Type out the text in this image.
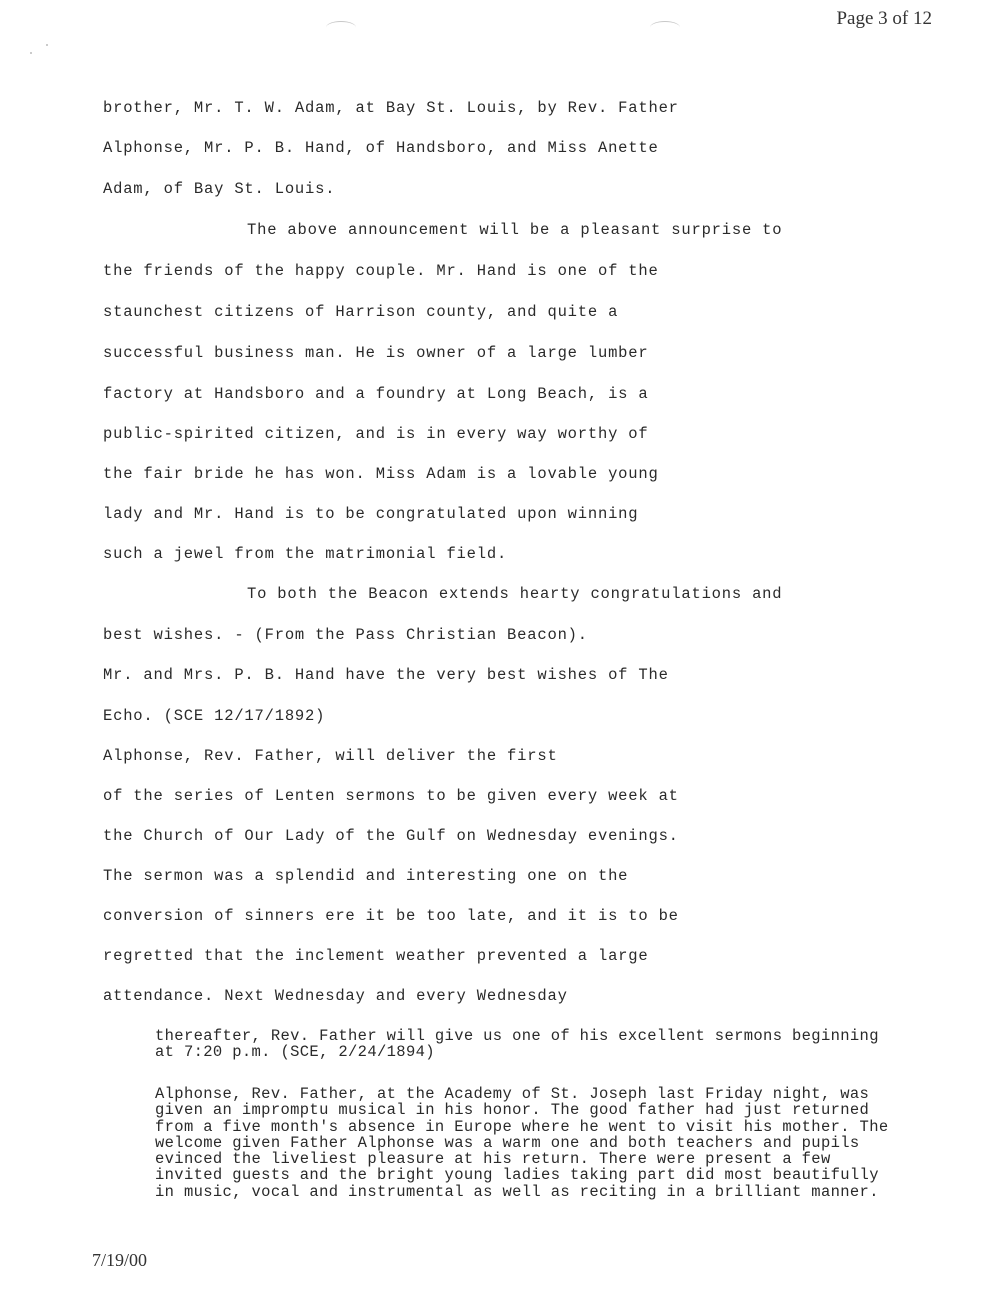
Page 3 of 12
brother, Mr. T. W. Adam, at Bay St. Louis, by Rev. Father
Alphonse, Mr. P. B. Hand, of Handsboro, and Miss Anette
Adam, of Bay St. Louis.
The above announcement will be a pleasant surprise to
the friends of the happy couple. Mr. Hand is one of the
staunchest citizens of Harrison county, and quite a
successful business man. He is owner of a large lumber
factory at Handsboro and a foundry at Long Beach, is a
public-spirited citizen, and is in every way worthy of
the fair bride he has won. Miss Adam is a lovable young
lady and Mr. Hand is to be congratulated upon winning
such a jewel from the matrimonial field.
To both the Beacon extends hearty congratulations and
best wishes. - (From the Pass Christian Beacon).
Mr. and Mrs. P. B. Hand have the very best wishes of The
Echo. (SCE 12/17/1892)
Alphonse, Rev. Father, will deliver the first
of the series of Lenten sermons to be given every week at
the Church of Our Lady of the Gulf on Wednesday evenings.
The sermon was a splendid and interesting one on the
conversion of sinners ere it be too late, and it is to be
regretted that the inclement weather prevented a large
attendance. Next Wednesday and every Wednesday
thereafter, Rev. Father will give us one of his excellent sermons beginning
at 7:20 p.m. (SCE, 2/24/1894)
Alphonse, Rev. Father, at the Academy of St. Joseph last Friday night, was
given an impromptu musical in his honor. The good father had just returned
from a five month's absence in Europe where he went to visit his mother. The
welcome given Father Alphonse was a warm one and both teachers and pupils
evinced the liveliest pleasure at his return. There were present a few
invited guests and the bright young ladies taking part did most beautifully
in music, vocal and instrumental as well as reciting in a brilliant manner.
7/19/00
